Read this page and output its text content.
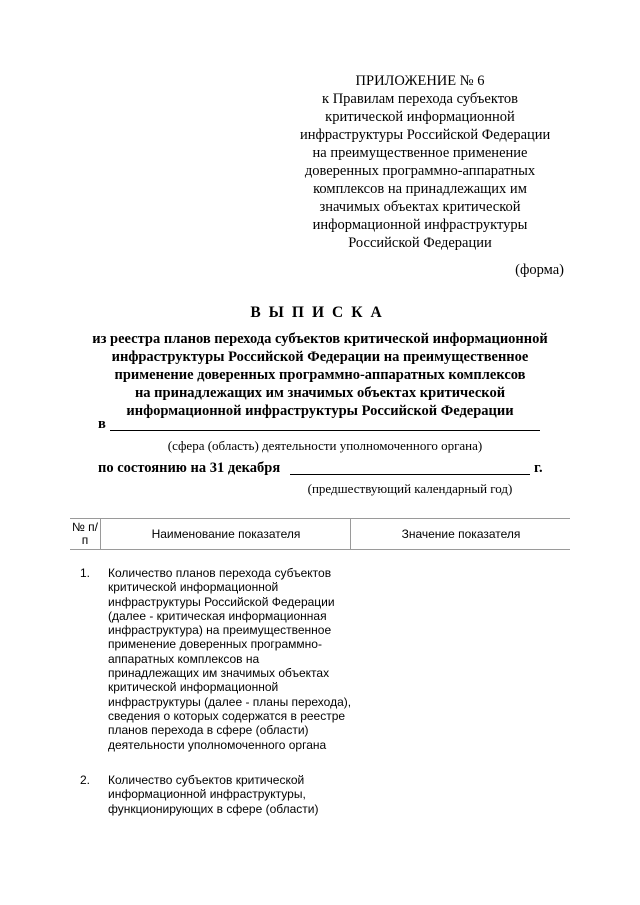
ПРИЛОЖЕНИЕ № 6
к Правилам перехода субъектов
критической информационной
инфраструктуры Российской Федерации
на преимущественное применение
доверенных программно-аппаратных
комплексов на принадлежащих им
значимых объектах критической
информационной инфраструктуры
Российской Федерации
(форма)
ВЫПИСКА
из реестра планов перехода субъектов критической информационной
инфраструктуры Российской Федерации на преимущественное
применение доверенных программно-аппаратных комплексов
на принадлежащих им значимых объектах критической
информационной инфраструктуры Российской Федерации
в
(сфера (область) деятельности уполномоченного органа)
по состоянию на 31 декабря	г.
(предшествующий календарный год)
№ п/п	Наименование показателя	Значение показателя
1. Количество планов перехода субъектов
критической информационной
инфраструктуры Российской Федерации
(далее - критическая информационная
инфраструктура) на преимущественное
применение доверенных программно-
аппаратных комплексов на
принадлежащих им значимых объектах
критической информационной
инфраструктуры (далее - планы перехода),
сведения о которых содержатся в реестре
планов перехода в сфере (области)
деятельности уполномоченного органа
2. Количество субъектов критической
информационной инфраструктуры,
функционирующих в сфере (области)
